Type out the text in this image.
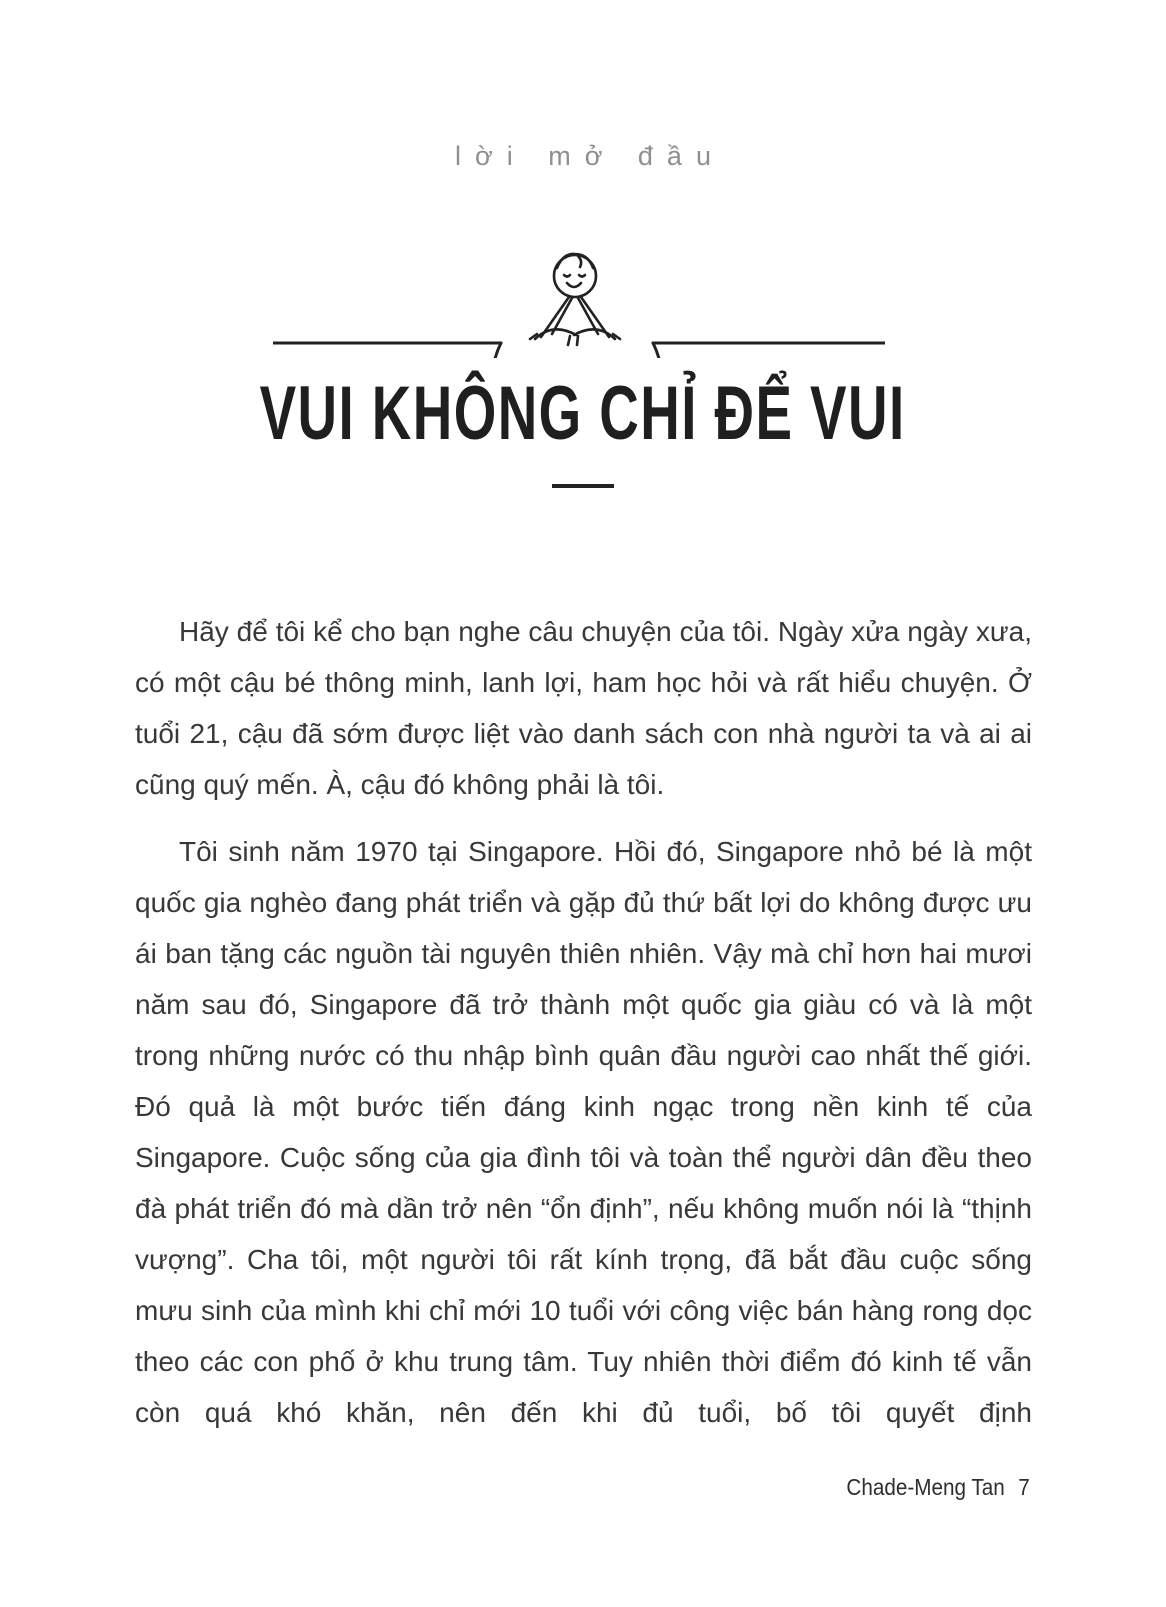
lời mở đầu
VUI KHÔNG CHỈ ĐỂ VUI

Hãy để tôi kể cho bạn nghe câu chuyện của tôi. Ngày xửa ngày xưa, có một cậu bé thông minh, lanh lợi, ham học hỏi và rất hiểu chuyện. Ở tuổi 21, cậu đã sớm được liệt vào danh sách con nhà người ta và ai ai cũng quý mến. À, cậu đó không phải là tôi.

Tôi sinh năm 1970 tại Singapore. Hồi đó, Singapore nhỏ bé là một quốc gia nghèo đang phát triển và gặp đủ thứ bất lợi do không được ưu ái ban tặng các nguồn tài nguyên thiên nhiên. Vậy mà chỉ hơn hai mươi năm sau đó, Singapore đã trở thành một quốc gia giàu có và là một trong những nước có thu nhập bình quân đầu người cao nhất thế giới. Đó quả là một bước tiến đáng kinh ngạc trong nền kinh tế của Singapore. Cuộc sống của gia đình tôi và toàn thể người dân đều theo đà phát triển đó mà dần trở nên “ổn định”, nếu không muốn nói là “thịnh vượng”. Cha tôi, một người tôi rất kính trọng, đã bắt đầu cuộc sống mưu sinh của mình khi chỉ mới 10 tuổi với công việc bán hàng rong dọc theo các con phố ở khu trung tâm. Tuy nhiên thời điểm đó kinh tế vẫn còn quá khó khăn, nên đến khi đủ tuổi, bố tôi quyết định

Chade-Meng Tan 7
